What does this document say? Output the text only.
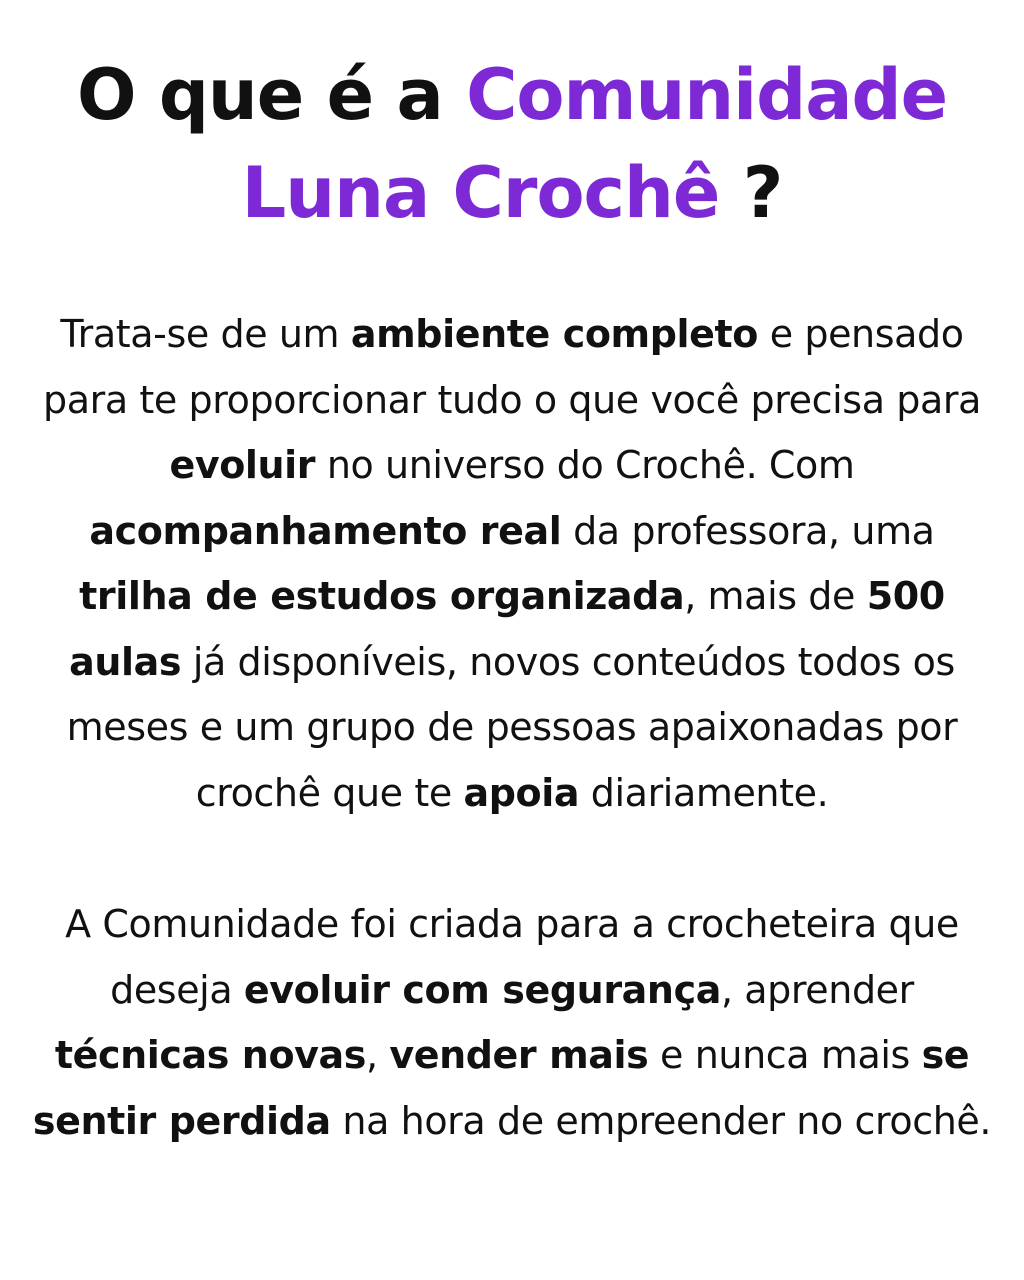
O que é a Comunidade Luna Crochê ?

Trata-se de um ambiente completo e pensado para te proporcionar tudo o que você precisa para evoluir no universo do Crochê. Com acompanhamento real da professora, uma trilha de estudos organizada, mais de 500 aulas já disponíveis, novos conteúdos todos os meses e um grupo de pessoas apaixonadas por crochê que te apoia diariamente.

A Comunidade foi criada para a crocheteira que deseja evoluir com segurança, aprender técnicas novas, vender mais e nunca mais se sentir perdida na hora de empreender no crochê.
